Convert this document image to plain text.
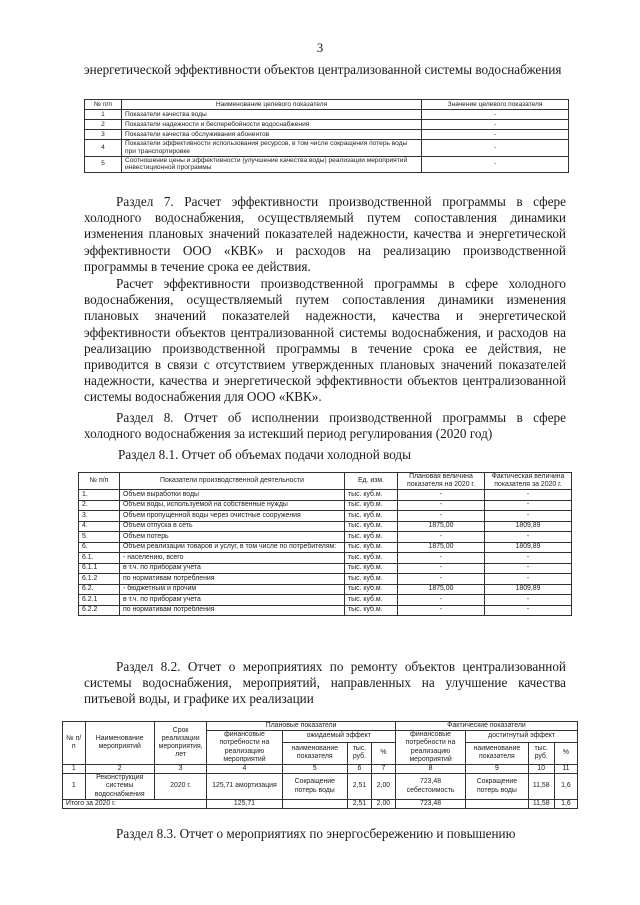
3

энергетической эффективности объектов централизованной системы водоснабжения

№ п/п	Наименование целевого показателя	Значение целевого показателя
1	Показатели качества воды	-
2	Показатели надежности и бесперебойности водоснабжения	-
3	Показатели качества обслуживания абонентов	-
4	Показатели эффективности использования ресурсов, в том числе сокращения потерь воды при транспортировке	-
5	Соотношение цены и эффективности (улучшение качества воды) реализации мероприятий инвестиционной программы	-

Раздел 7. Расчет эффективности производственной программы в сфере холодного водоснабжения, осуществляемый путем сопоставления динамики изменения плановых значений показателей надежности, качества и энергетической эффективности ООО «КВК» и расходов на реализацию производственной программы в течение срока ее действия.

Расчет эффективности производственной программы в сфере холодного водоснабжения, осуществляемый путем сопоставления динамики изменения плановых значений показателей надежности, качества и энергетической эффективности объектов централизованной системы водоснабжения, и расходов на реализацию производственной программы в течение срока ее действия, не приводится в связи с отсутствием утвержденных плановых значений показателей надежности, качества и энергетической эффективности объектов централизованной системы водоснабжения для ООО «КВК».

Раздел 8. Отчет об исполнении производственной программы в сфере холодного водоснабжения за истекший период регулирования (2020 год)

Раздел 8.1. Отчет об объемах подачи холодной воды

№ п/п	Показатели производственной деятельности	Ед. изм.	Плановая величина показателя на 2020 г.	Фактическая величина показателя за 2020 г.
1.	Объем выработки воды	тыс. куб.м.	-	-
2.	Объем воды, используемой на собственные нужды	тыс. куб.м.	-	-
3.	Объем пропущенной воды через очистные сооружения	тыс. куб.м.	-	-
4.	Объем отпуска в сеть	тыс. куб.м.	1875,00	1809,89
5.	Объем потерь	тыс. куб.м.	-	-
6.	Объем реализации товаров и услуг, в том числе по потребителям:	тыс. куб.м.	1875,00	1809,89
6.1.	- населению, всего	тыс. куб.м.	-	-
6.1.1	в т.ч. по приборам учета	тыс. куб.м.	-	-
6.1.2	по нормативам потребления	тыс. куб.м.	-	-
6.2.	- бюджетным и прочим	тыс. куб.м.	1875,00	1809,89
6.2.1	в т.ч. по приборам учета	тыс. куб.м.	-	-
6.2.2	по нормативам потребления	тыс. куб.м.	-	-

Раздел 8.2. Отчет о мероприятиях по ремонту объектов централизованной системы водоснабжения, мероприятий, направленных на улучшение качества питьевой воды, и графике их реализации

№ п/п	Наименование мероприятий	Срок реализации мероприятия, лет	Плановые показатели				Фактические показатели			
			финансовые потребности на реализацию мероприятий	ожидаемый эффект			финансовые потребности на реализацию мероприятий	достигнутый эффект		
				наименование показателя	тыс. руб.	%		наименование показателя	тыс. руб.	%
1	2	3	4	5	6	7	8	9	10	11
1	Реконструкция системы водоснабжения	2020 г.	125,71 амортизация	Сокращение потерь воды	2,51	2,00	723,48 себестоимость	Сокращение потерь воды	11,58	1,6
Итого за 2020 г.			125,71		2,51	2,00	723,48		11,58	1,6

Раздел 8.3. Отчет о мероприятиях по энергосбережению и повышению
